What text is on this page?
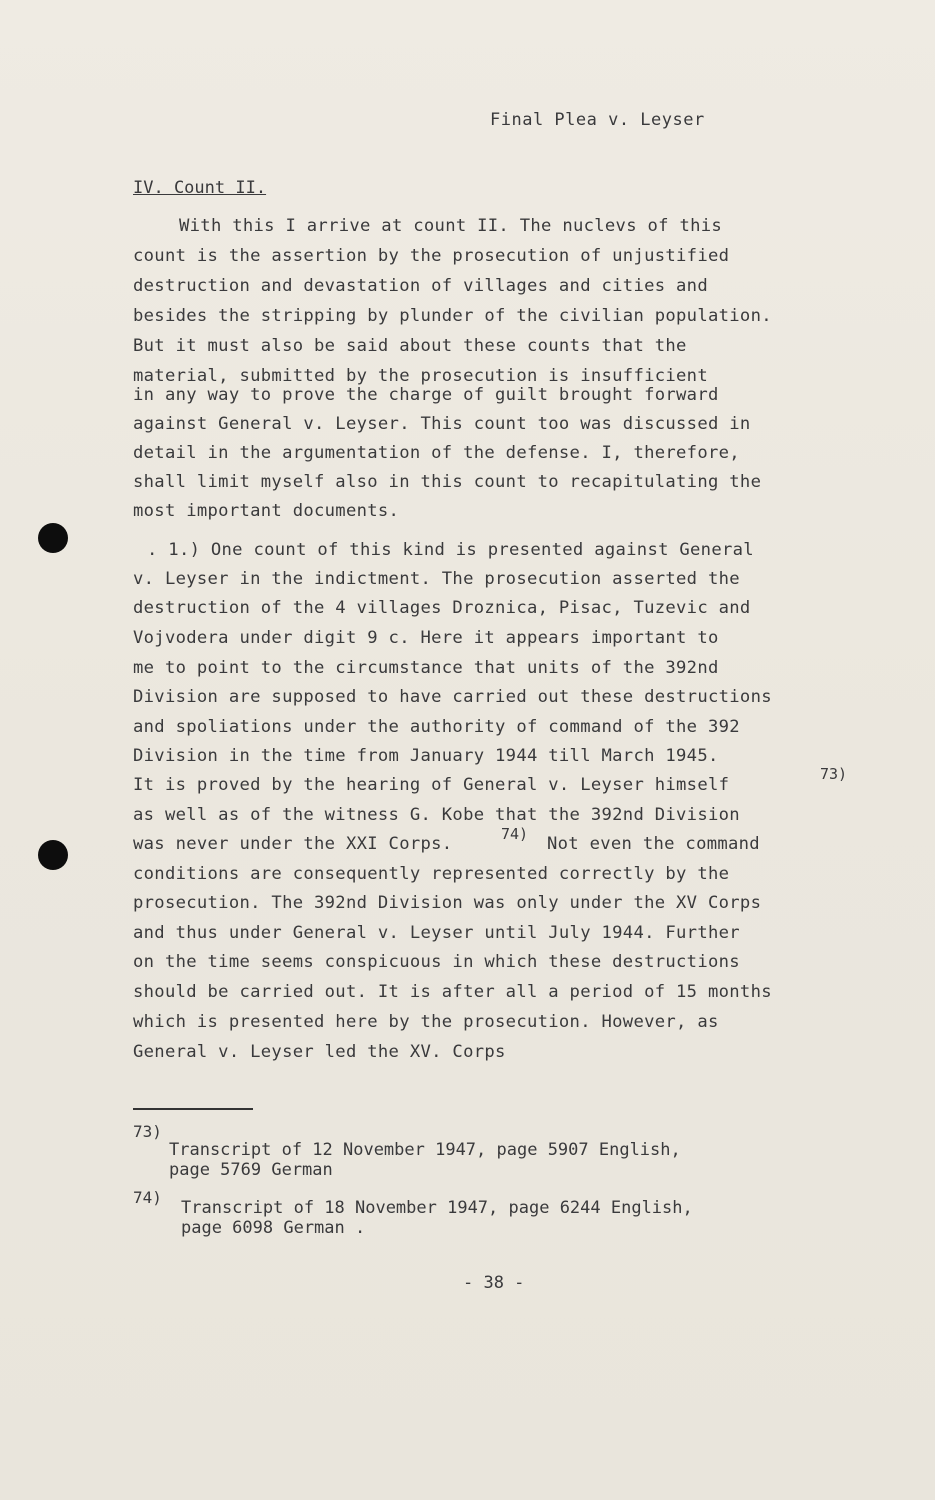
Final Plea v. Leyser
IV. Count II.
With this I arrive at count II. The nuclevs of this
count is the assertion by the prosecution of unjustified
destruction and devastation of villages and cities and
besides the stripping by plunder of the civilian population.
But it must also be said about these counts that the
material, submitted by the prosecution is insufficient
in any way to prove the charge of guilt brought forward
against General v. Leyser. This count too was discussed in
detail in the argumentation of the defense. I, therefore,
shall limit myself also in this count to recapitulating the
most important documents.
. 1.) One count of this kind is presented against General
v. Leyser in the indictment. The prosecution asserted the
destruction of the 4 villages Droznica, Pisac, Tuzevic and
Vojvodera under digit 9 c. Here it appears important to
me to point to the circumstance that units of the 392nd
Division are supposed to have carried out these destructions
and spoliations under the authority of command of the 392
Division in the time from January 1944 till March 1945.
It is proved by the hearing of General v. Leyser himself
as well as of the witness G. Kobe that the 392nd Division
was never under the XXI Corps.	Not even the command
conditions are consequently represented correctly by the
prosecution. The 392nd Division was only under the XV Corps
and thus under General v. Leyser until July 1944. Further
on the time seems conspicuous in which these destructions
should be carried out. It is after all a period of 15 months
which is presented here by the prosecution. However, as
General v. Leyser led the XV. Corps
73)
74)
73)
Transcript of 12 November 1947, page 5907 English,
page 5769 German
74)
Transcript of 18 November 1947, page 6244 English,
page 6098 German .
- 38 -
